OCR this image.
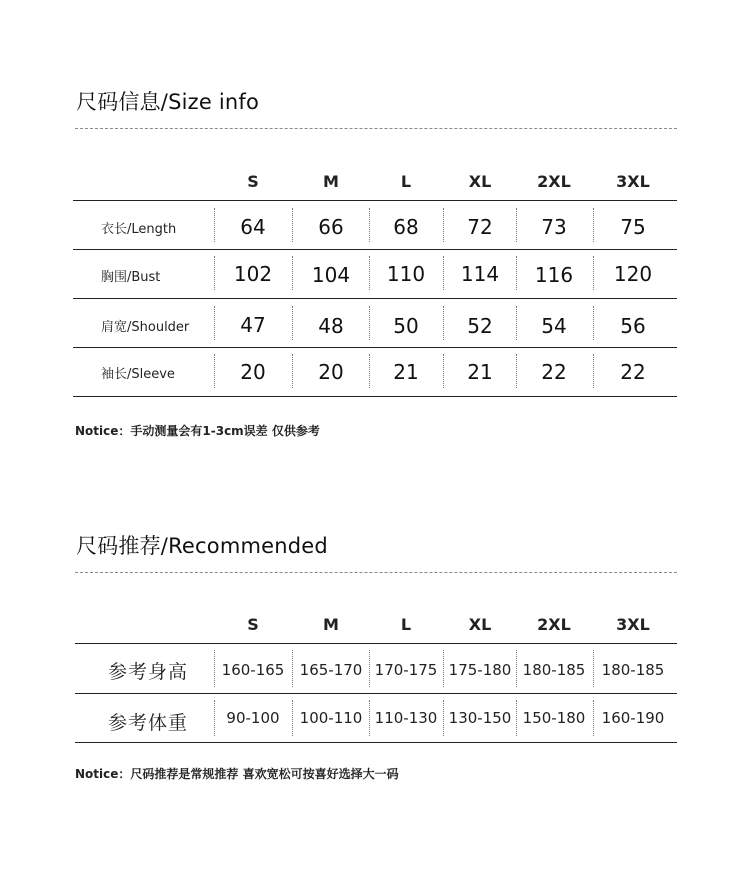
尺码信息/Size info
S	M	L	XL	2XL	3XL
衣长/Length	64	66	68	72	73	75
胸围/Bust	102	104	110	114	116	120
肩宽/Shoulder	47	48	50	52	54	56
袖长/Sleeve	20	20	21	21	22	22
Notice：手动测量会有1-3cm误差 仅供参考
尺码推荐/Recommended
S	M	L	XL	2XL	3XL
参考身高	160-165	165-170 170-175 175-180 180-185	180-185
参考体重	90-100	100-110 110-130 130-150 150-180	160-190
Notice：尺码推荐是常规推荐 喜欢宽松可按喜好选择大一码
